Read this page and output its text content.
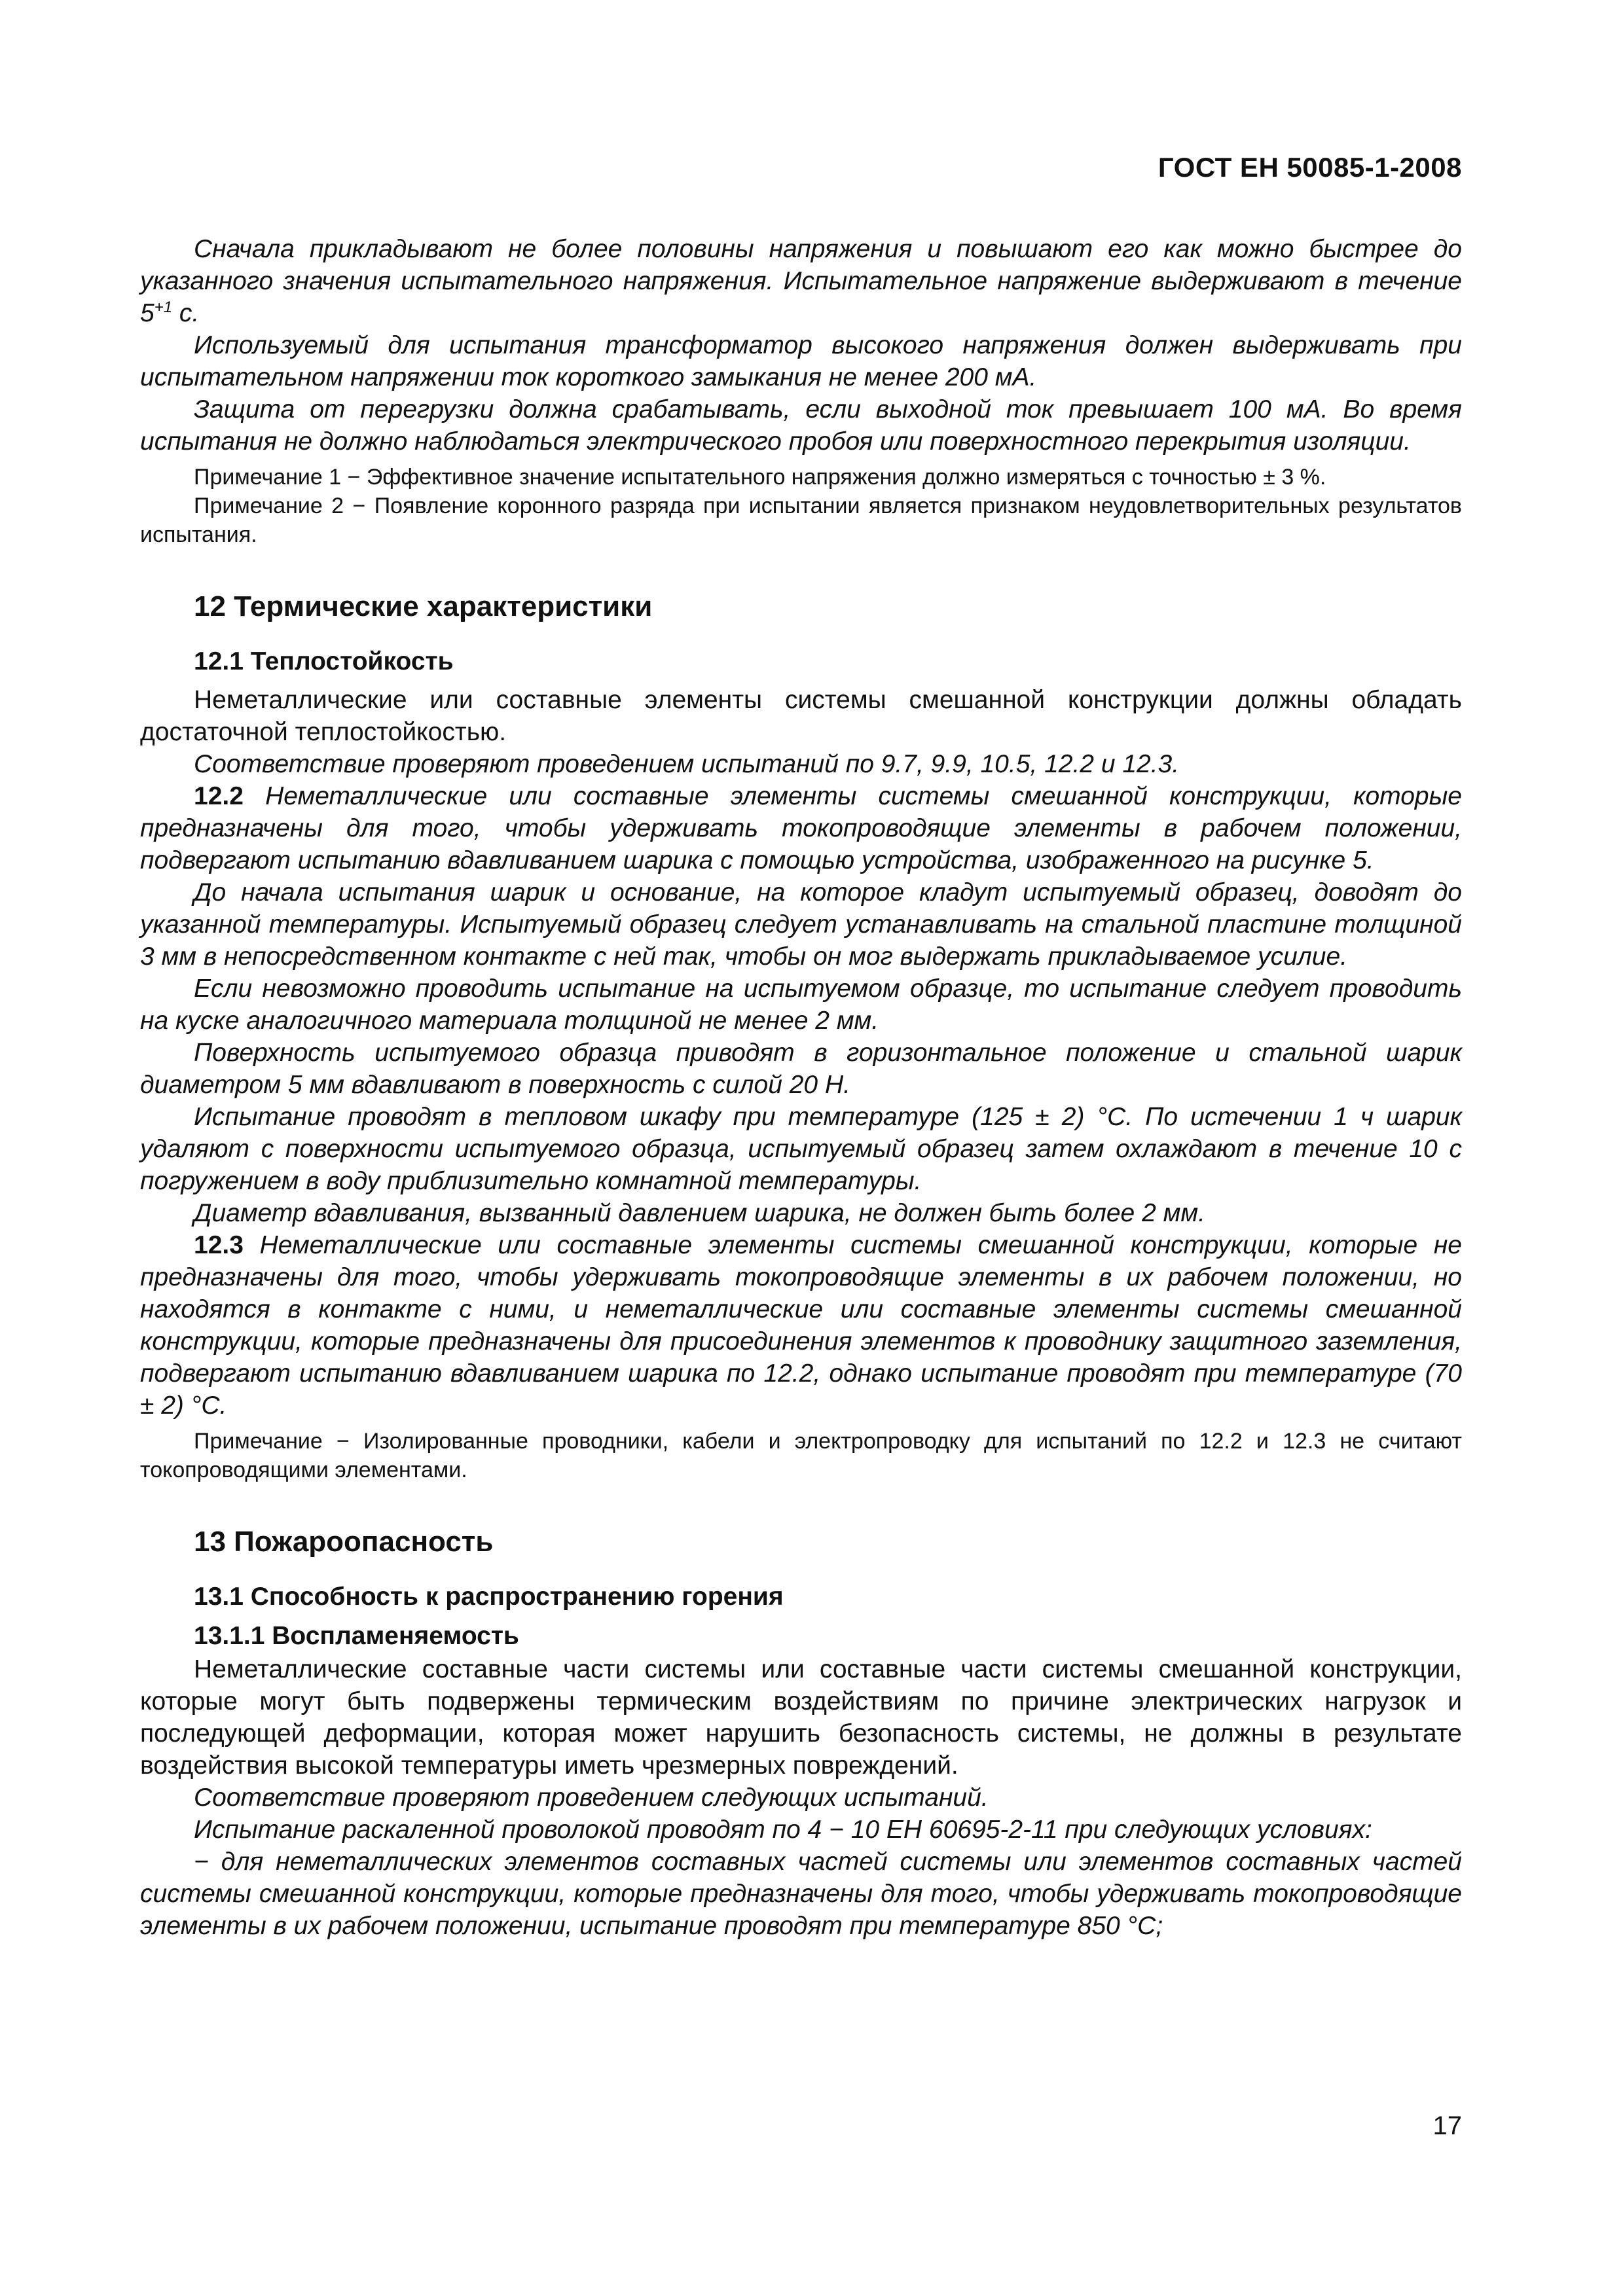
ГОСТ ЕН 50085-1-2008

Сначала прикладывают не более половины напряжения и повышают его как можно быстрее до указанного значения испытательного напряжения. Испытательное напряжение выдерживают в течение $5^{+1}$ с.

Используемый для испытания трансформатор высокого напряжения должен выдерживать при испытательном напряжении ток короткого замыкания не менее 200 мА.

Защита от перегрузки должна срабатывать, если выходной ток превышает 100 мА. Во время испытания не должно наблюдаться электрического пробоя или поверхностного перекрытия изоляции.

Примечание 1 − Эффективное значение испытательного напряжения должно измеряться с точностью ± 3 %.

Примечание 2 − Появление коронного разряда при испытании является признаком неудовлетворительных результатов испытания.

12 Термические характеристики
12.1 Теплостойкость

Неметаллические или составные элементы системы смешанной конструкции должны обладать достаточной теплостойкостью.

Соответствие проверяют проведением испытаний по 9.7, 9.9, 10.5, 12.2 и 12.3.

12.2 Неметаллические или составные элементы системы смешанной конструкции, которые предназначены для того, чтобы удерживать токопроводящие элементы в рабочем положении, подвергают испытанию вдавливанием шарика с помощью устройства, изображенного на рисунке 5.

До начала испытания шарик и основание, на которое кладут испытуемый образец, доводят до указанной температуры. Испытуемый образец следует устанавливать на стальной пластине толщиной 3 мм в непосредственном контакте с ней так, чтобы он мог выдержать прикладываемое усилие.

Если невозможно проводить испытание на испытуемом образце, то испытание следует проводить на куске аналогичного материала толщиной не менее 2 мм.

Поверхность испытуемого образца приводят в горизонтальное положение и стальной шарик диаметром 5 мм вдавливают в поверхность с силой 20 Н.

Испытание проводят в тепловом шкафу при температуре (125 ± 2) °С. По истечении 1 ч шарик удаляют с поверхности испытуемого образца, испытуемый образец затем охлаждают в течение 10 с погружением в воду приблизительно комнатной температуры.

Диаметр вдавливания, вызванный давлением шарика, не должен быть более 2 мм.

12.3 Неметаллические или составные элементы системы смешанной конструкции, которые не предназначены для того, чтобы удерживать токопроводящие элементы в их рабочем положении, но находятся в контакте с ними, и неметаллические или составные элементы системы смешанной конструкции, которые предназначены для присоединения элементов к проводнику защитного заземления, подвергают испытанию вдавливанием шарика по 12.2, однако испытание проводят при температуре (70 ± 2) °С.

Примечание − Изолированные проводники, кабели и электропроводку для испытаний по 12.2 и 12.3 не считают токопроводящими элементами.

13 Пожароопасность
13.1 Способность к распространению горения
13.1.1 Воспламеняемость

Неметаллические составные части системы или составные части системы смешанной конструкции, которые могут быть подвержены термическим воздействиям по причине электрических нагрузок и последующей деформации, которая может нарушить безопасность системы, не должны в результате воздействия высокой температуры иметь чрезмерных повреждений.

Соответствие проверяют проведением следующих испытаний.

Испытание раскаленной проволокой проводят по 4 − 10 ЕН 60695-2-11 при следующих условиях:

− для неметаллических элементов составных частей системы или элементов составных частей системы смешанной конструкции, которые предназначены для того, чтобы удерживать токопроводящие элементы в их рабочем положении, испытание проводят при температуре 850 °С;

17
